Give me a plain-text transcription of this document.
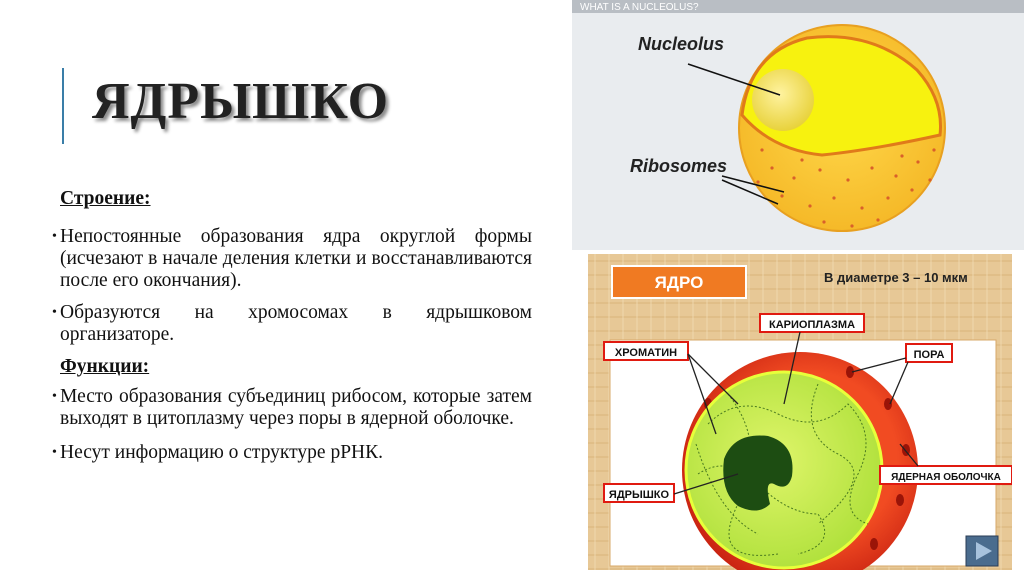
ЯДРЫШКО
Строение:
• Непостоянные образования ядра округлой формы (исчезают в начале деления клетки и восстанавливаются после его окончания).
• Образуются на хромосомах в ядрышковом организаторе.
Функции:
• Место образования субъединиц рибосом, которые затем выходят в цитоплазму через поры в ядерной оболочке.
• Несут информацию о структуре рРНК.
WHAT IS A NUCLEOLUS?
Nucleolus
Ribosomes
ЯДРО	В диаметре 3 – 10 мкм
КАРИОПЛАЗМА
ХРОМАТИН	ПОРА
ЯДЕРНАЯ ОБОЛОЧКА
ЯДРЫШКО
